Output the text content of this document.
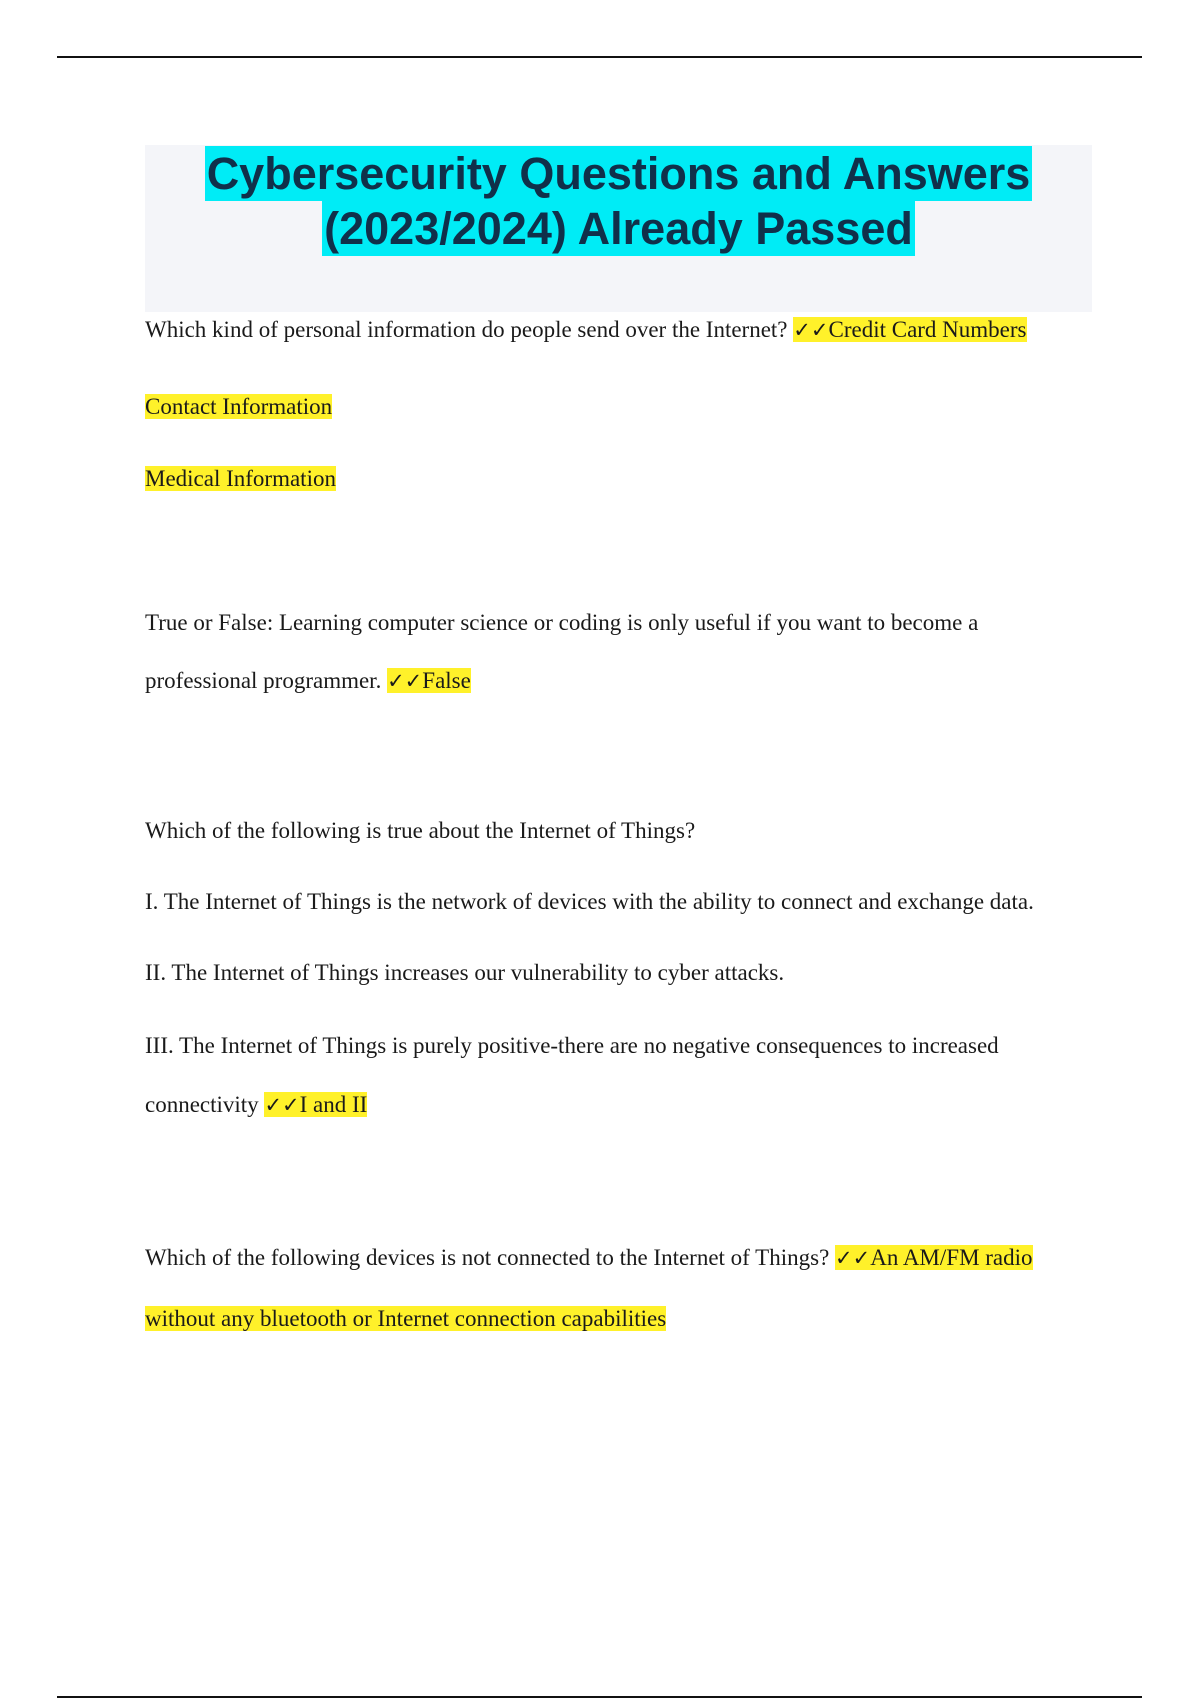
Cybersecurity Questions and Answers
(2023/2024) Already Passed
Which kind of personal information do people send over the Internet? ✓✓Credit Card Numbers
Contact Information
Medical Information
True or False: Learning computer science or coding is only useful if you want to become a
professional programmer. ✓✓False
Which of the following is true about the Internet of Things?
I. The Internet of Things is the network of devices with the ability to connect and exchange data.
II. The Internet of Things increases our vulnerability to cyber attacks.
III. The Internet of Things is purely positive-there are no negative consequences to increased
connectivity ✓✓I and II
Which of the following devices is not connected to the Internet of Things? ✓✓An AM/FM radio
without any bluetooth or Internet connection capabilities
